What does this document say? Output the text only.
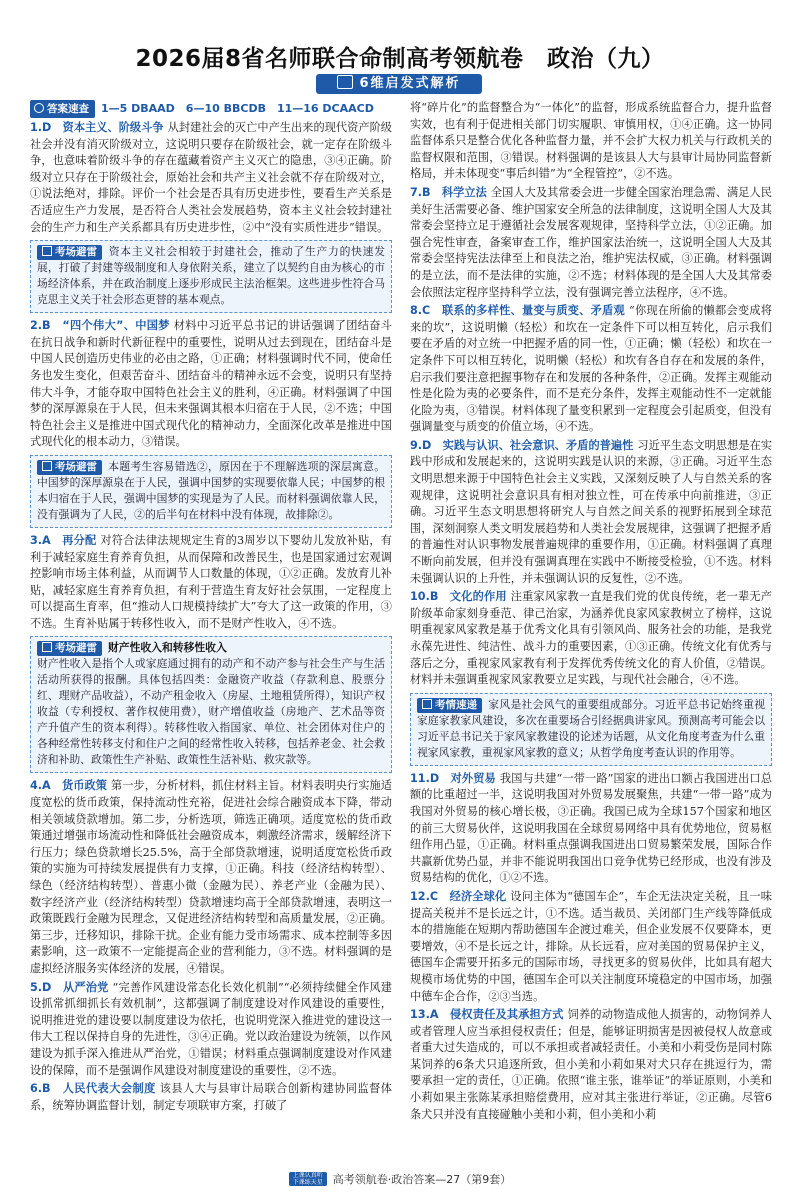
2026届8省名师联合命制高考领航卷　政治（九）
6维启发式解析
答案速查 1—5 DBAAD　6—10 BBCDB　11—16 DCAACD

1.D　 资本主义、阶级斗争 从封建社会的灭亡中产生出来的现代资产阶级社会并没有消灭阶级对立，这说明只要存在阶级社会，就一定存在阶级斗争，也意味着阶级斗争的存在蕴藏着资产主义灭亡的隐患，③④正确。阶级对立只存在于阶级社会，原始社会和共产主义社会就不存在阶级对立，①说法绝对，排除。评价一个社会是否具有历史进步性，要看生产关系是否适应生产力发展，是否符合人类社会发展趋势，资本主义社会较封建社会的生产力和生产关系都具有历史进步性，②中“没有实质性进步”错误。

考场避雷 资本主义社会相较于封建社会，推动了生产力的快速发展，打破了封建等级制度和人身依附关系，建立了以契约自由为核心的市场经济体系，并在政治制度上逐步形成民主法治框架。这些进步性符合马克思主义关于社会形态更替的基本观点。

2.B　 “四个伟大”、中国梦 材料中习近平总书记的讲话强调了团结奋斗在抗日战争和新时代新征程中的重要性，说明从过去到现在，团结奋斗是中国人民创造历史伟业的必由之路，①正确；材料强调时代不同，使命任务也发生变化，但艰苦奋斗、团结奋斗的精神永远不会变，说明只有坚持伟大斗争，才能夺取中国特色社会主义的胜利，④正确。材料强调了中国梦的深厚源泉在于人民，但未来强调其根本归宿在于人民，②不选；中国特色社会主义是推进中国式现代化的精神动力，全面深化改革是推进中国式现代化的根本动力，③错误。

考场避雷 本题考生容易错选②，原因在于不理解选项的深层寓意。中国梦的深厚源泉在于人民，强调中国梦的实现要依靠人民；中国梦的根本归宿在于人民，强调中国梦的实现是为了人民。而材料强调依靠人民，没有强调为了人民，②的后半句在材料中没有体现，故排除②。

3.A　 再分配 对符合法律法规规定生育的3周岁以下婴幼儿发放补贴，有利于减轻家庭生育养育负担，从而保障和改善民生，也是国家通过宏观调控影响市场主体利益，从而调节人口数量的体现，①②正确。发放育儿补贴，减轻家庭生育养育负担，有利于营造生育友好社会氛围，一定程度上可以提高生育率，但“推动人口规模持续扩大”夸大了这一政策的作用，③不选。生育补贴属于转移性收入，而不是财产性收入，④不选。

考场避雷 财产性收入和转移性收入
财产性收入是指个人或家庭通过拥有的动产和不动产参与社会生产与生活活动所获得的报酬。具体包括四类：金融资产收益（存款利息、股票分红、理财产品收益），不动产租金收入（房屋、土地租赁所得），知识产权收益（专利授权、著作权使用费），财产增值收益（房地产、艺术品等资产升值产生的资本利得）。转移性收入指国家、单位、社会团体对住户的各种经常性转移支付和住户之间的经常性收入转移，包括养老金、社会救济和补助、政策性生产补贴、政策性生活补贴、救灾款等。

4.A　 货币政策 第一步，分析材料，抓住材料主旨。材料表明央行实施适度宽松的货币政策，保持流动性充裕，促进社会综合融资成本下降，带动相关领域贷款增加。第二步，分析选项，筛选正确项。适度宽松的货币政策通过增强市场流动性和降低社会融资成本，刺激经济需求，缓解经济下行压力；绿色贷款增长25.5%，高于全部贷款增速，说明适度宽松货币政策的实施为可持续发展提供有力支撑，①正确。科技（经济结构转型）、绿色（经济结构转型）、普惠小微（金融为民）、养老产业（金融为民）、数字经济产业（经济结构转型）贷款增速均高于全部贷款增速，表明这一政策既践行金融为民理念，又促进经济结构转型和高质量发展，②正确。第三步，迁移知识，排除干扰。企业有能力受市场需求、成本控制等多因素影响，这一政策不一定能提高企业的营利能力，③不选。材料强调的是虚拟经济服务实体经济的发展，④错误。

5.D　 从严治党 “完善作风建设常态化长效化机制”“必须持续健全作风建设抓常抓细抓长有效机制”，这都强调了制度建设对作风建设的重要性，说明推进党的建设要以制度建设为依托，也说明党深入推进党的建设这一伟大工程以保持自身的先进性，③④正确。党以政治建设为统领，以作风建设为抓手深入推进从严治党，①错误；材料重点强调制度建设对作风建设的保障，而不是强调作风建设对制度建设的重要性，②不选。

6.B　 人民代表大会制度 该县人大与县审计局联合创新构建协同监督体系，统筹协调监督计划，制定专项联审方案，打破了

将“碎片化”的监督整合为“一体化”的监督，形成系统监督合力，提升监督实效，也有利于促进相关部门切实履职、审慎用权，①④正确。这一协同监督体系只是整合优化各种监督力量，并不会扩大权力机关与行政机关的监督权限和范围，③错误。材料强调的是该县人大与县审计局协同监督新格局，并未体现变“事后纠错”为“全程管控”，②不选。

7.B　 科学立法 全国人大及其常委会进一步健全国家治理急需、满足人民美好生活需要必备、维护国家安全所急的法律制度，这说明全国人大及其常委会坚持立足于遵循社会发展客观规律，坚持科学立法，①②正确。加强合宪性审查，备案审查工作，维护国家法治统一，这说明全国人大及其常委会坚持宪法法律至上和良法之治，维护宪法权威，③正确。材料强调的是立法，而不是法律的实施，②不选；材料体现的是全国人大及其常委会依照法定程序坚持科学立法，没有强调完善立法程序，④不选。

8.C　 联系的多样性、量变与质变、矛盾观 “你现在所偷的懒都会变成将来的坎”，这说明懒（轻松）和坎在一定条件下可以相互转化，启示我们要在矛盾的对立统一中把握矛盾的同一性，①正确；懒（轻松）和坎在一定条件下可以相互转化，说明懒（轻松）和坎有各自存在和发展的条件，启示我们要注意把握事物存在和发展的各种条件，②正确。发挥主观能动性是化险为夷的必要条件，而不是充分条件，发挥主观能动性不一定就能化险为夷，③错误。材料体现了量变积累到一定程度会引起质变，但没有强调量变与质变的价值立场，④不选。

9.D　 实践与认识、社会意识、矛盾的普遍性 习近平生态文明思想是在实践中形成和发展起来的，这说明实践是认识的来源，③正确。习近平生态文明思想来源于中国特色社会主义实践，又深刻反映了人与自然关系的客观规律，这说明社会意识具有相对独立性，可在传承中向前推进，③正确。习近平生态文明思想将研究人与自然之间关系的视野拓展到全球范围，深刻洞察人类文明发展趋势和人类社会发展规律，这强调了把握矛盾的普遍性对认识事物发展普遍规律的重要作用，①正确。材料强调了真理不断向前发展，但并没有强调真理在实践中不断接受检验，①不选。材料未强调认识的上升性，并未强调认识的反复性，②不选。

10.B　 文化的作用 注重家风家教一直是我们党的优良传统，老一辈无产阶级革命家刻身垂范、律己治家，为涵养优良家风家教树立了榜样，这说明重视家风家教是基于优秀文化具有引领风尚、服务社会的功能，是我党永葆先进性、纯洁性、战斗力的重要因素，①③正确。传统文化有优秀与落后之分，重视家风家教有利于发挥优秀传统文化的育人价值，②错误。材料并未强调重视家风家教要立足实践，与现代社会融合，④不选。

考情速递 家风是社会风气的重要组成部分。习近平总书记始终重视家庭家教家风建设，多次在重要场合引经据典讲家风。预测高考可能会以习近平总书记关于家风家教建设的论述为话题，从文化角度考查为什么重视家风家教，重视家风家教的意义；从哲学角度考查认识的作用等。

11.D　 对外贸易 我国与共建“一带一路”国家的进出口额占我国进出口总额的比重超过一半，这说明我国对外贸易发展聚焦，共建“一带一路”成为我国对外贸易的核心增长极，③正确。我国已成为全球157个国家和地区的前三大贸易伙伴，这说明我国在全球贸易网络中具有优势地位，贸易枢纽作用凸显，①正确。材料重点强调我国进出口贸易繁荣发展，国际合作共赢新优势凸显，并非不能说明我国出口竞争优势已经形成，也没有涉及贸易结构的优化，①②不选。

12.C　 经济全球化 设问主体为“德国车企”，车企无法决定关税，且一味提高关税并不是长远之计，①不选。适当裁员、关闭部门生产线等降低成本的措施能在短期内帮助德国车企渡过难关，但企业发展不仅要降本，更要增效，④不是长远之计，排除。从长远看，应对美国的贸易保护主义，德国车企需要开拓多元的国际市场，寻找更多的贸易伙伴，比如具有超大规模市场优势的中国，德国车企可以关注制度环境稳定的中国市场，加强中德车企合作，②③当选。

13.A　 侵权责任及其承担方式 饲养的动物造成他人损害的，动物饲养人或者管理人应当承担侵权责任；但是，能够证明损害是因被侵权人故意或者重大过失造成的，可以不承担或者减轻责任。小美和小莉受伤是同村陈某饲养的6条犬只追逐所致，但小美和小莉如果对犬只存在挑逗行为，需要承担一定的责任，①正确。依照“谁主张，谁举证”的举证原则，小美和小莉如果主张陈某承担赔偿费用，应对其主张进行举证，②正确。尽管6条犬只并没有直接碰触小美和小莉，但小美和小莉

上课认真听 下课练天星 高考领航卷·政治答案—27（第9套）
